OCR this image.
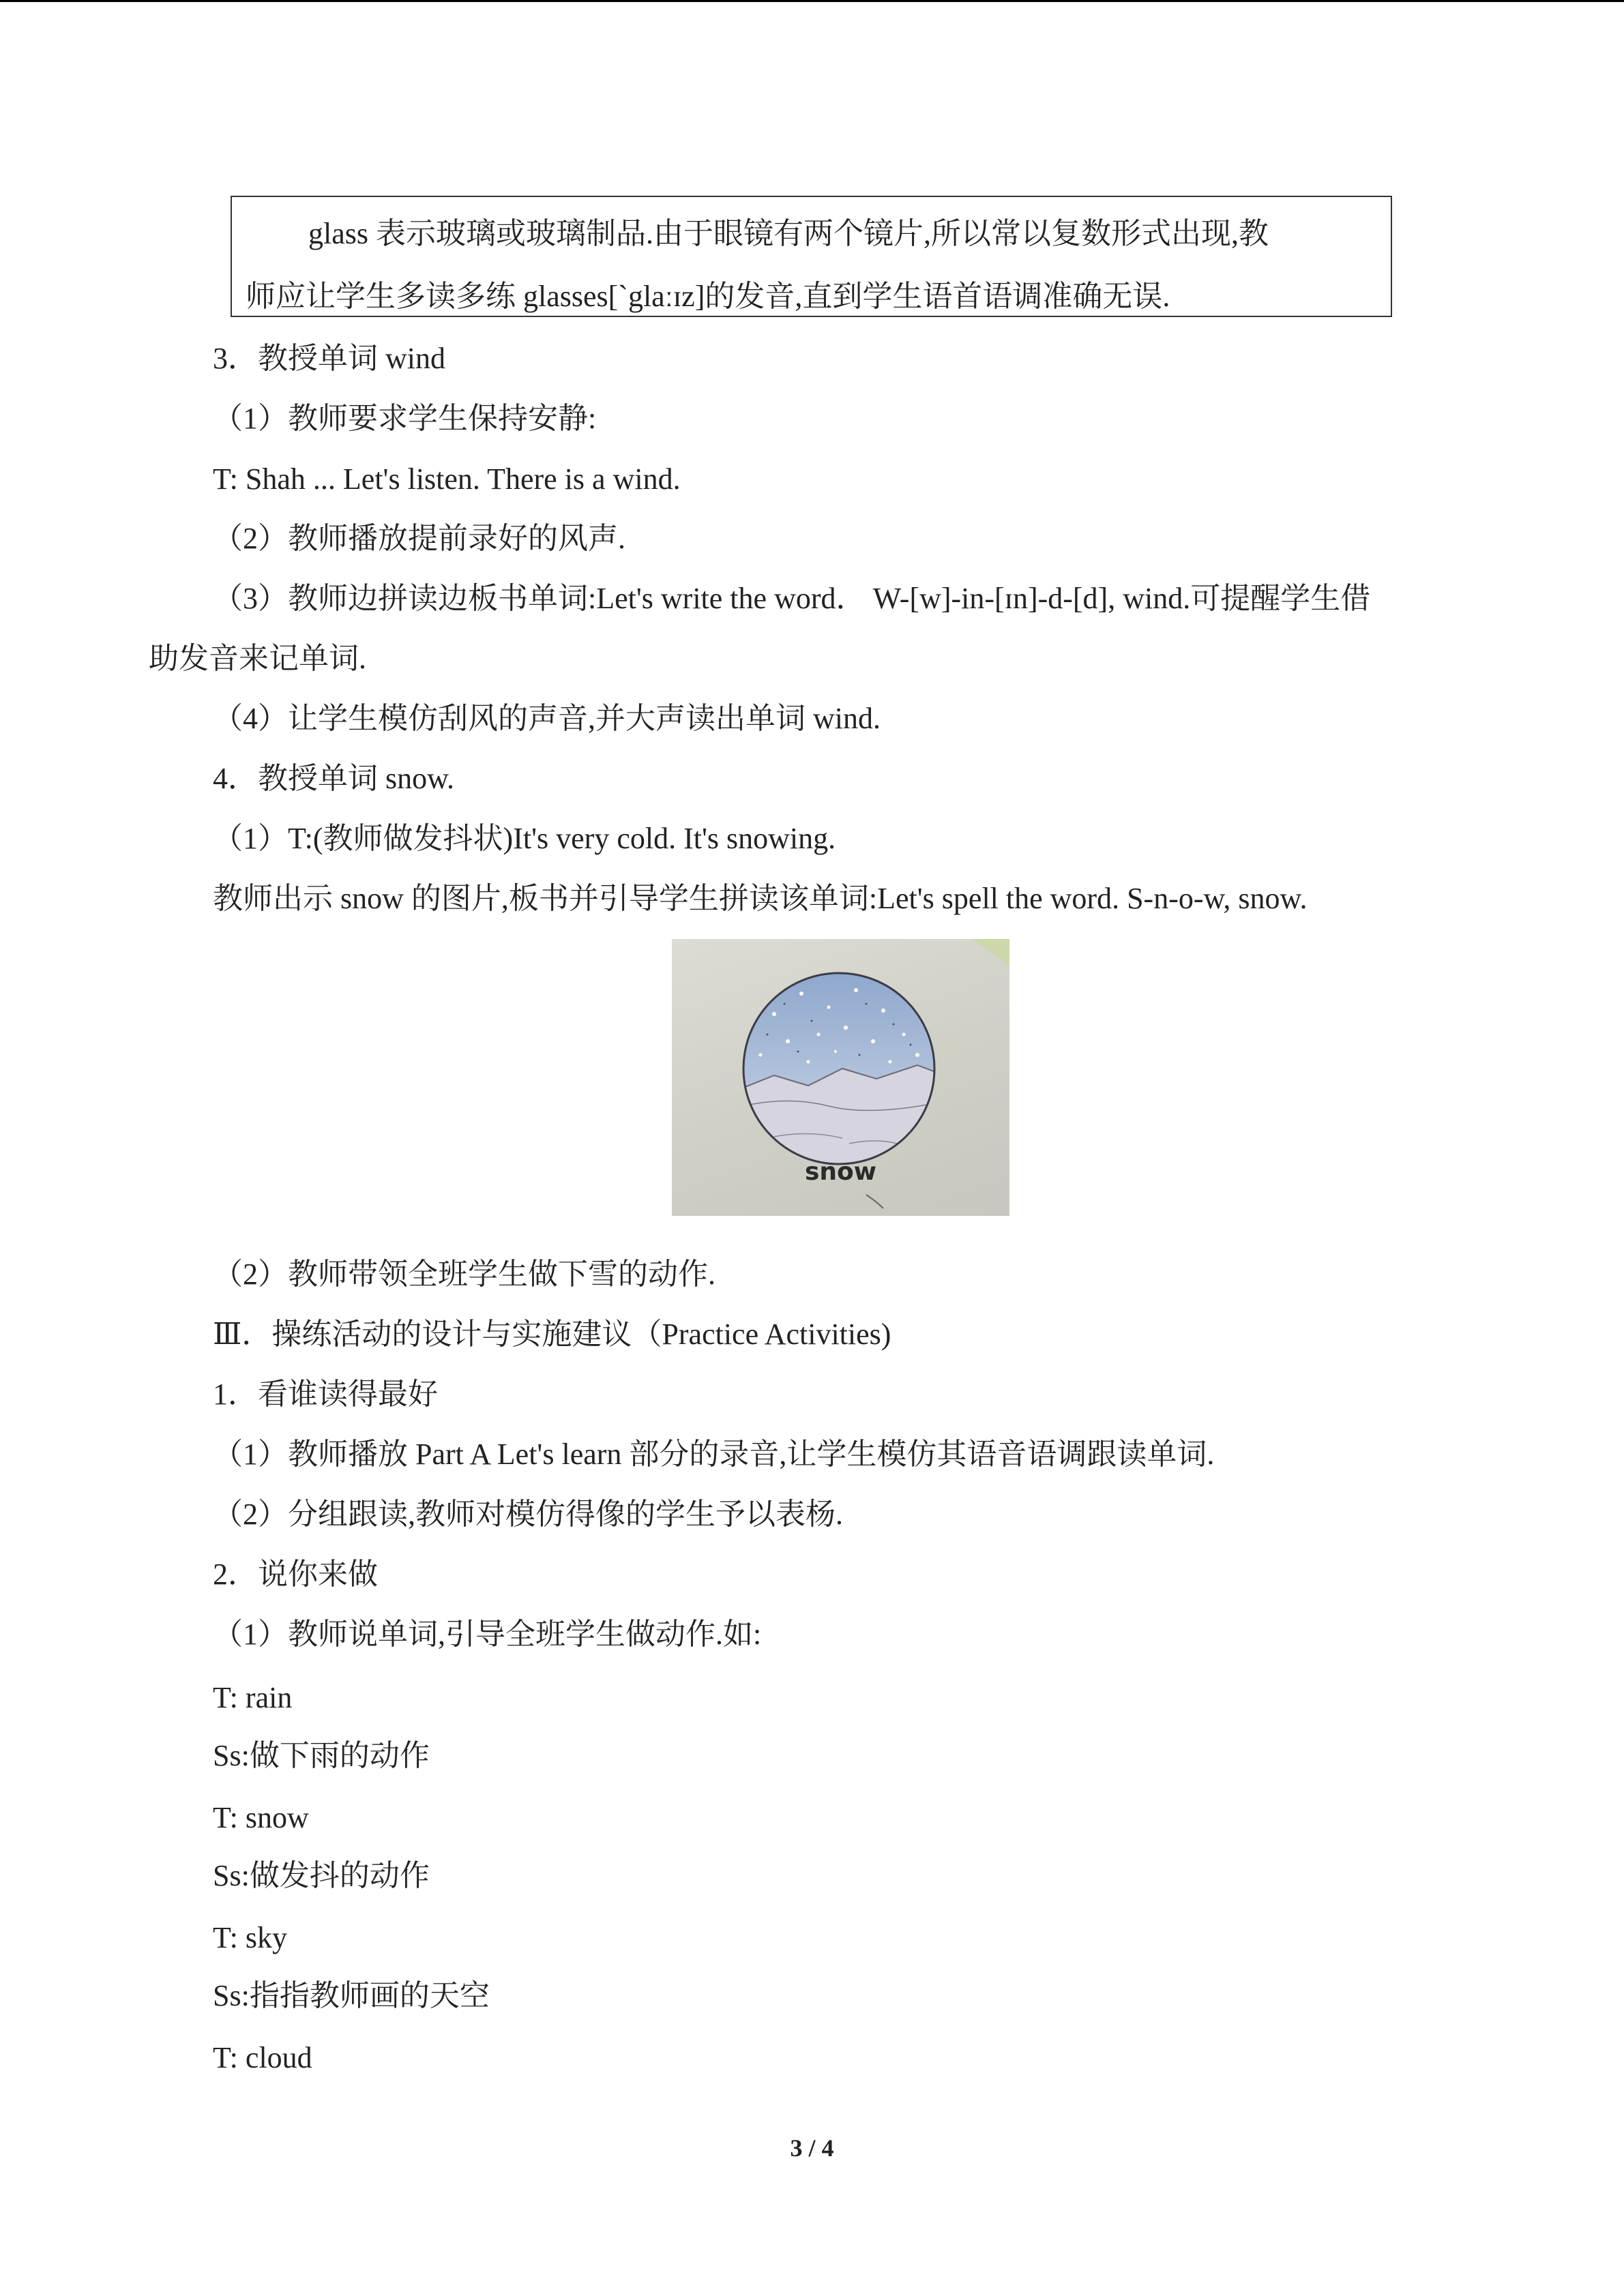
glass 表示玻璃或玻璃制品.由于眼镜有两个镜片,所以常以复数形式出现,教
师应让学生多读多练 glasses[`glaːɪz]的发音,直到学生语首语调准确无误.
3．教授单词 wind
（1）教师要求学生保持安静:
T: Shah ... Let's listen. There is a wind.
（2）教师播放提前录好的风声.
（3）教师边拼读边板书单词:Let's write the word． W-[w]-in-[ɪn]-d-[d], wind.可提醒学生借
助发音来记单词.
（4）让学生模仿刮风的声音,并大声读出单词 wind.
4．教授单词 snow.
（1）T:(教师做发抖状)It's very cold. It's snowing.
教师出示 snow 的图片,板书并引导学生拼读该单词:Let's spell the word. S-n-o-w, snow.
snow
（2）教师带领全班学生做下雪的动作.
Ⅲ．操练活动的设计与实施建议（Practice Activities)
1．看谁读得最好
（1）教师播放 Part A Let's learn 部分的录音,让学生模仿其语音语调跟读单词.
（2）分组跟读,教师对模仿得像的学生予以表杨.
2．说你来做
（1）教师说单词,引导全班学生做动作.如:
T: rain
Ss:做下雨的动作
T: snow
Ss:做发抖的动作
T: sky
Ss:指指教师画的天空
T: cloud
3 / 4
